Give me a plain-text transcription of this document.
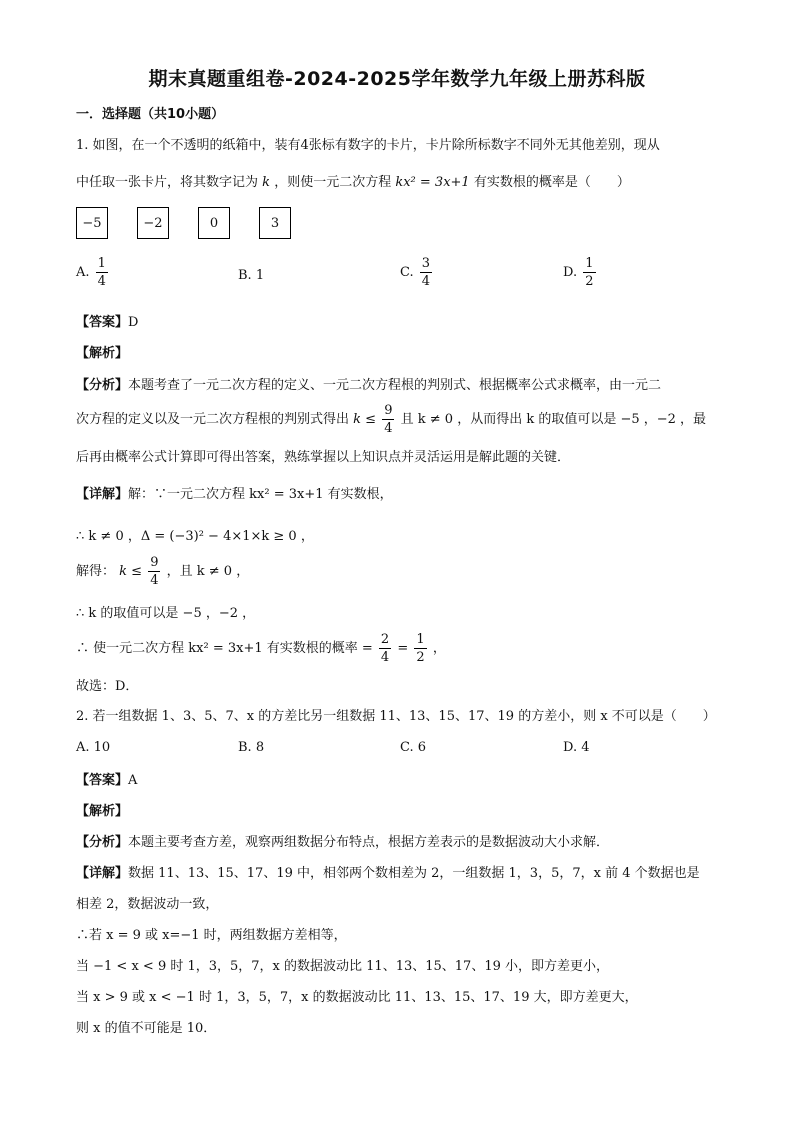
期末真题重组卷-2024-2025学年数学九年级上册苏科版
一．选择题（共10小题）
1. 如图，在一个不透明的纸箱中，装有4张标有数字的卡片，卡片除所标数字不同外无其他差别，现从
中任取一张卡片，将其数字记为 k ，则使一元二次方程 kx² = 3x+1 有实数根的概率是（　　）
−5	−2	0	3
A. $\frac{1}{4}$	B. 1	C. $\frac{3}{4}$	D. $\frac{1}{2}$
【答案】D
【解析】
【分析】本题考查了一元二次方程的定义、一元二次方程根的判别式、根据概率公式求概率，由一元二
次方程的定义以及一元二次方程根的判别式得出 $k \le \frac{9}{4}$ 且 k ≠ 0 ，从而得出 k 的取值可以是 −5 ，−2 ，最
后再由概率公式计算即可得出答案，熟练掌握以上知识点并灵活运用是解此题的关键．
【详解】解：∵一元二次方程 kx² = 3x+1 有实数根，
∴ k ≠ 0 ，Δ = (−3)² − 4×1×k ≥ 0 ，
解得： $k \le \frac{9}{4}$ ，且 k ≠ 0 ，
∴ k 的取值可以是 −5 ，−2 ，
∴ 使一元二次方程 kx² = 3x+1 有实数根的概率 = $\frac{2}{4} = \frac{1}{2}$ ，
故选：D．
2. 若一组数据 1、3、5、7、x 的方差比另一组数据 11、13、15、17、19 的方差小，则 x 不可以是（　　）
A. 10	B. 8	C. 6	D. 4
【答案】A
【解析】
【分析】本题主要考查方差，观察两组数据分布特点，根据方差表示的是数据波动大小求解．
【详解】数据 11、13、15、17、19 中，相邻两个数相差为 2，一组数据 1，3，5，7，x 前 4 个数据也是
相差 2，数据波动一致，
∴若 x = 9 或 x=−1 时，两组数据方差相等，
当 −1 < x < 9 时 1，3，5，7，x 的数据波动比 11、13、15、17、19 小，即方差更小，
当 x > 9 或 x < −1 时 1，3，5，7，x 的数据波动比 11、13、15、17、19 大，即方差更大，
则 x 的值不可能是 10．
